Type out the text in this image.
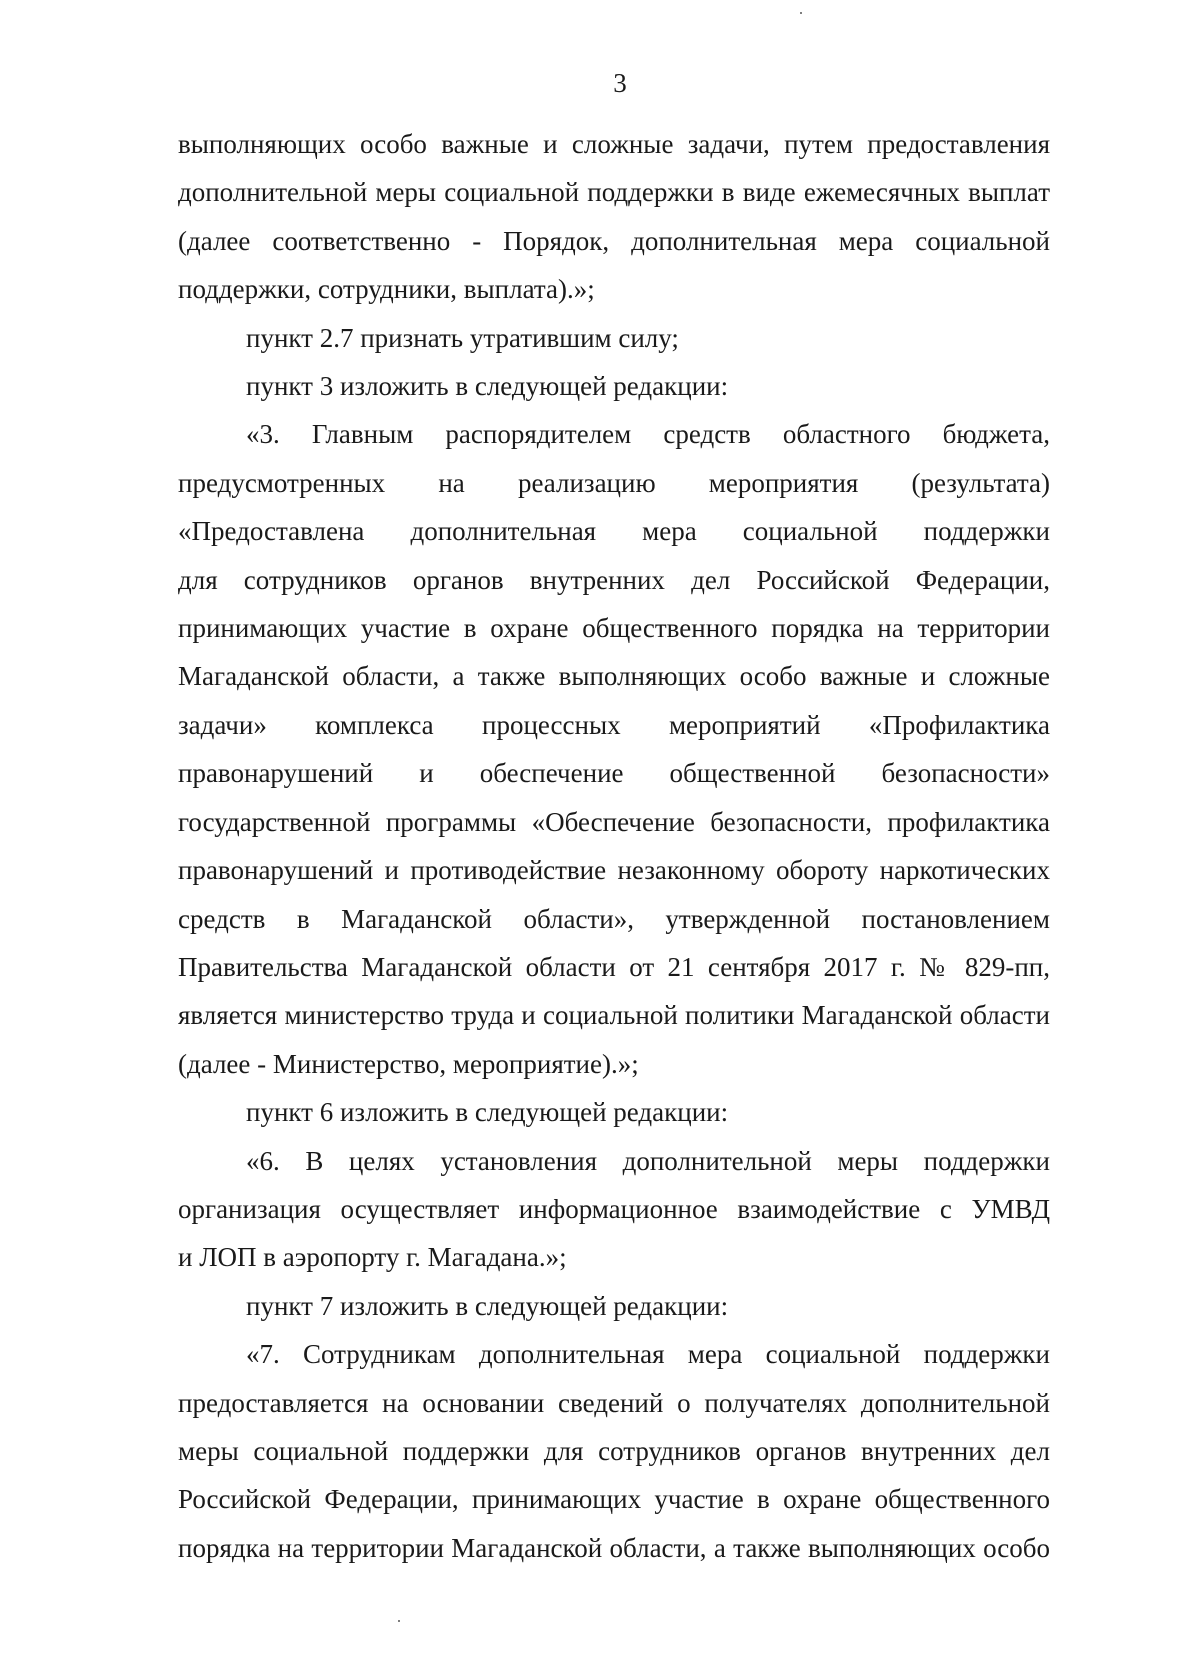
3
выполняющих особо важные и сложные задачи, путем предоставления
дополнительной меры социальной поддержки в виде ежемесячных выплат
(далее соответственно - Порядок, дополнительная мера социальной
поддержки, сотрудники, выплата).»;
пункт 2.7 признать утратившим силу;
пункт 3 изложить в следующей редакции:
«3. Главным распорядителем средств областного бюджета,
предусмотренных на реализацию мероприятия (результата)
«Предоставлена дополнительная мера социальной поддержки
для сотрудников органов внутренних дел Российской Федерации,
принимающих участие в охране общественного порядка на территории
Магаданской области, а также выполняющих особо важные и сложные
задачи» комплекса процессных мероприятий «Профилактика
правонарушений и обеспечение общественной безопасности»
государственной программы «Обеспечение безопасности, профилактика
правонарушений и противодействие незаконному обороту наркотических
средств в Магаданской области», утвержденной постановлением
Правительства Магаданской области от 21 сентября 2017 г. № 829-пп,
является министерство труда и социальной политики Магаданской области
(далее - Министерство, мероприятие).»;
пункт 6 изложить в следующей редакции:
«6. В целях установления дополнительной меры поддержки
организация осуществляет информационное взаимодействие с УМВД
и ЛОП в аэропорту г. Магадана.»;
пункт 7 изложить в следующей редакции:
«7. Сотрудникам дополнительная мера социальной поддержки
предоставляется на основании сведений о получателях дополнительной
меры социальной поддержки для сотрудников органов внутренних дел
Российской Федерации, принимающих участие в охране общественного
порядка на территории Магаданской области, а также выполняющих особо
